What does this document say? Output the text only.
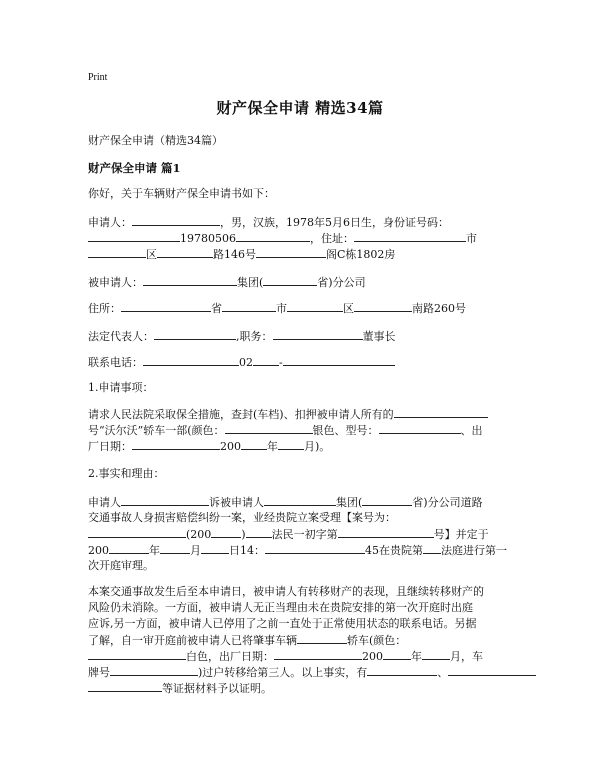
Print
财产保全申请 精选34篇
财产保全申请（精选34篇）
财产保全申请 篇1
你好，关于车辆财产保全申请书如下：
申请人：	，男，汉族，1978年5月6日生，身份证号码：
19780506	，住址：	市
区	路146号	阁C栋1802房
被申请人：	集团(	省)分公司
住所：	省	市	区	南路260号
法定代表人：	,职务：	董事长
联系电话：	02 -
1.申请事项：
请求人民法院采取保全措施，查封(车档)、扣押被申请人所有的
号“沃尔沃”轿车一部(颜色：	银色、型号：	、出
厂日期：	200 年 月)。
2.事实和理由：
申请人	诉被申请人	集团(	省)分公司道路
交通事故人身损害赔偿纠纷一案，业经贵院立案受理【案号为：
(200	) 法民一初字第	号】并定于
200	年	月	日14：	45在贵院第 法庭进行第一
次开庭审理。
本案交通事故发生后至本申请日，被申请人有转移财产的表现，且继续转移财产的
风险仍未消除。一方面，被申请人无正当理由未在贵院安排的第一次开庭时出庭
应诉,另一方面，被申请人已停用了之前一直处于正常使用状态的联系电话。另据
了解，自一审开庭前被申请人已将肇事车辆	轿车(颜色：
白色，出厂日期：	200	年	月，车
牌号	)过户转移给第三人。以上事实，有	、
等证据材料予以证明。
